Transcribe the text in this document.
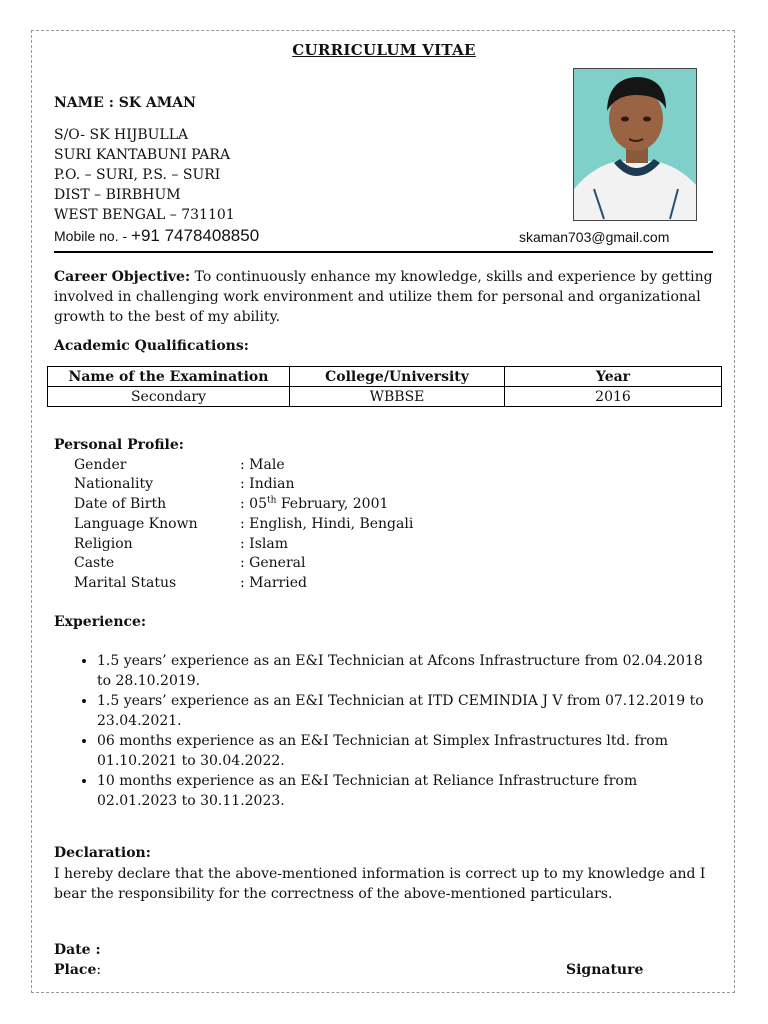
CURRICULUM VITAE
NAME : SK AMAN
S/O- SK HIJBULLA
SURI KANTABUNI PARA
P.O. – SURI, P.S. – SURI
DIST – BIRBHUM
WEST BENGAL – 731101
Mobile no. - +91 7478408850	skaman703@gmail.com
Career Objective: To continuously enhance my knowledge, skills and experience by getting involved in challenging work environment and utilize them for personal and organizational growth to the best of my ability.
Academic Qualifications:
Name of the Examination	College/University	Year
Secondary	WBBSE	2016
Personal Profile:
Gender	: Male
Nationality	: Indian
Date of Birth	: 05th February, 2001
Language Known	: English, Hindi, Bengali
Religion	: Islam
Caste	: General
Marital Status	: Married
Experience:
• 1.5 years’ experience as an E&I Technician at Afcons Infrastructure from 02.04.2018 to 28.10.2019.
• 1.5 years’ experience as an E&I Technician at ITD CEMINDIA J V from 07.12.2019 to 23.04.2021.
• 06 months experience as an E&I Technician at Simplex Infrastructures ltd. from 01.10.2021 to 30.04.2022.
• 10 months experience as an E&I Technician at Reliance Infrastructure from 02.01.2023 to 30.11.2023.
Declaration:
I hereby declare that the above-mentioned information is correct up to my knowledge and I bear the responsibility for the correctness of the above-mentioned particulars.
Date :
Place:	Signature
